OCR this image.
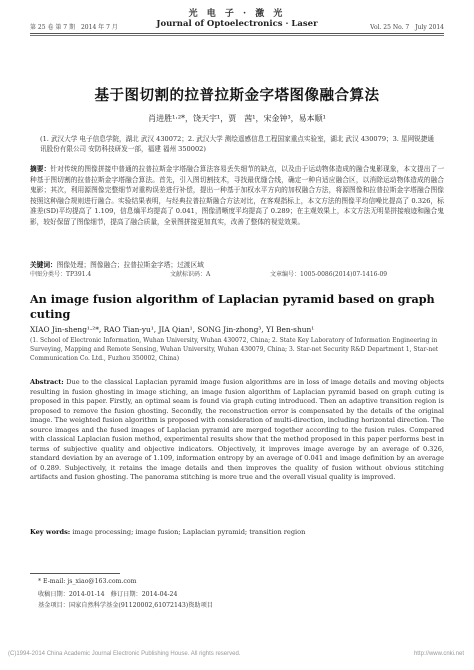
光 电 子 · 激 光
第 25 卷 第 7 期　2014 年 7 月	Journal of Optoelectronics · Laser	Vol. 25 No. 7　July 2014
基于图切割的拉普拉斯金字塔图像融合算法

肖进胜¹·²*，饶天宇¹，贾　茜¹，宋金钟³，易本顺¹

(1. 武汉大学 电子信息学院，湖北 武汉 430072；2. 武汉大学 测绘遥感信息工程国家重点实验室，湖北 武汉 430079；3. 星网锐捷通讯股份有限公司 安防科技研发一部，福建 福州 350002)

摘要：针对传统的图像拼接中普通的拉普拉斯金字塔融合算法容易丢失细节的缺点，以及由于运动物体造成的融合鬼影现象，本文提出了一种基于图切割的拉普拉斯金字塔融合算法。首先，引入图切割技术，寻找最优缝合线，确定一种自适应融合区，以消除运动物体造成的融合鬼影；其次，利用源图像完整细节对重构误差进行补偿，提出一种基于加权水平方向的加权融合方法，将源图像和拉普拉斯金字塔融合图像按照这种融合规则进行融合。实验结果表明，与经典拉普拉斯融合方法对比，在客观指标上，本文方法的图像平均信噪比提高了 0.326，标准差(SD)平均提高了 1.109，信息熵平均提高了 0.041，图像清晰度平均提高了 0.289；在主观效果上，本文方法无明显拼接痕迹和融合鬼影，较好保留了图像细节，提高了融合质量，全景图拼接更加真实，改善了整体的视觉效果。

关键词：图像处理；图像融合；拉普拉斯金字塔；过渡区域

中图分类号：TP391.4	文献标识码：A	文章编号：1005-0086(2014)07-1416-09
An image fusion algorithm of Laplacian pyramid based on graph cuting

XIAO Jin-sheng¹·²*, RAO Tian-yu¹, JIA Qian¹, SONG Jin-zhong³, YI Ben-shun¹

(1. School of Electronic Information, Wuhan University, Wuhan 430072, China; 2. State Key Laboratory of Information Engineering in Surveying, Mapping and Remote Sensing, Wuhan University, Wuhan 430079, China; 3. Star-net Security R&D Department 1, Star-net Communication Co. Ltd., Fuzhou 350002, China)

Abstract: Due to the classical Laplacian pyramid image fusion algorithms are in loss of image details and moving objects resulting in fusion ghosting in image stiching, an image fusion algorithm of Laplacian pyramid based on graph cuting is proposed in this paper. Firstly, an optimal seam is found via graph cuting introduced. Then an adaptive transition region is proposed to remove the fusion ghosting. Secondly, the reconstruction error is compensated by the details of the original image. The weighted fusion algorithm is proposed with consideration of multi-direction, including horizontal direction. The source images and the fused images of Laplacian pyramid are merged together according to the fusion rules. Compared with classical Laplacian fusion method, experimental results show that the method proposed in this paper performs best in terms of subjective quality and objective indicators. Objectively, it improves image average by an average of 0.326, standard deviation by an average of 1.109, information entropy by an average of 0.041 and image definition by an average of 0.289. Subjectively, it retains the image details and then improves the quality of fusion without obvious stitching artifacts and fusion ghosting. The panorama stitching is more true and the overall visual quality is improved.

Key words: image processing; image fusion; Laplacian pyramid; transition region

* E-mail: js_xiao@163.com.com
收稿日期：2014-01-14　修订日期：2014-04-24
基金项目：国家自然科学基金(91120002,61072143)资助项目
(C)1994-2014 China Academic Journal Electronic Publishing House. All rights reserved.	http://www.cnki.net
